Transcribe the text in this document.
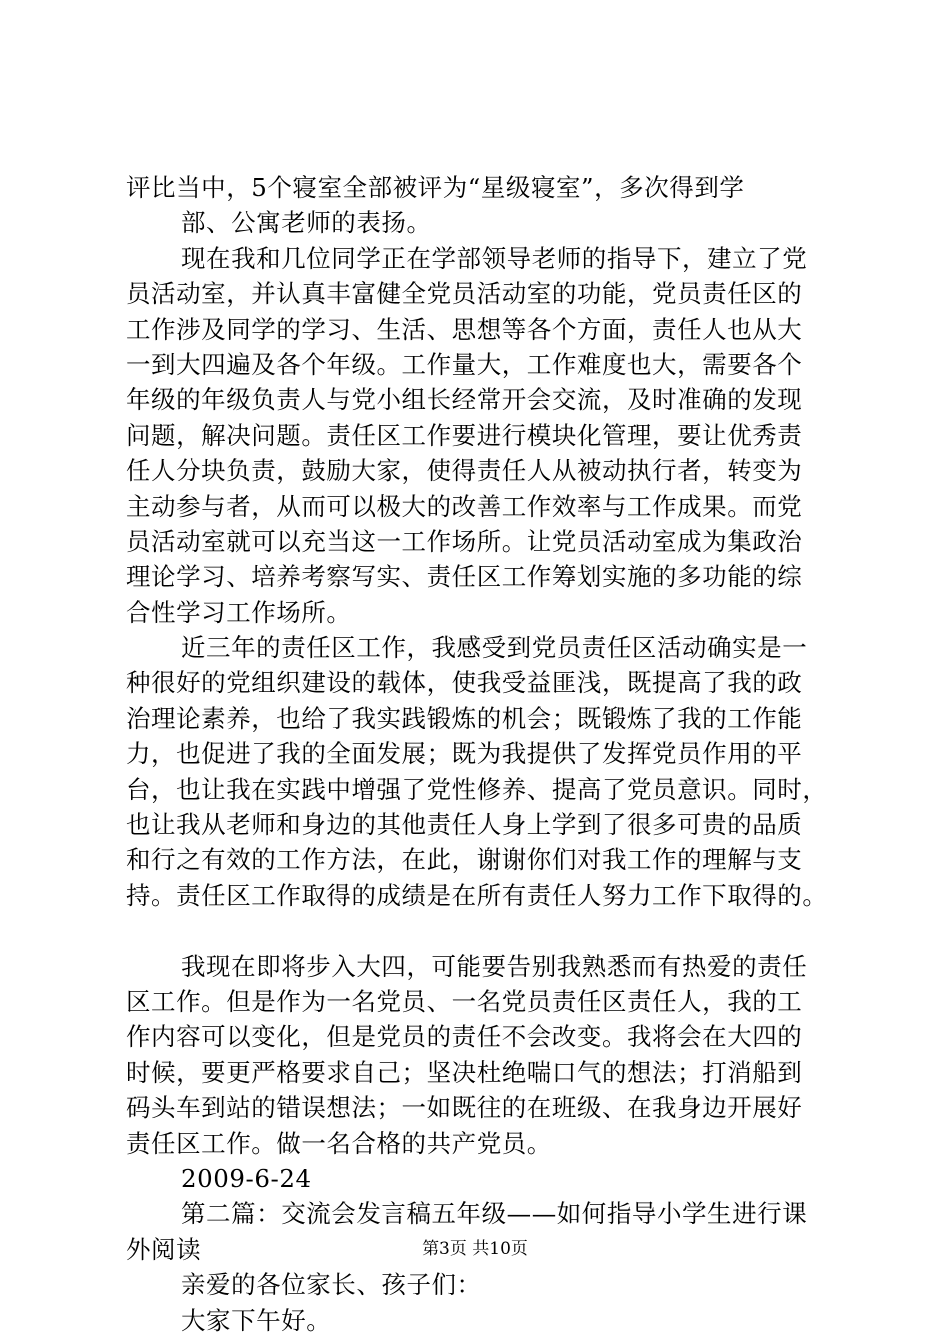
评比当中，5个寝室全部被评为“星级寝室”，多次得到学
部、公寓老师的表扬。
现在我和几位同学正在学部领导老师的指导下，建立了党
员活动室，并认真丰富健全党员活动室的功能，党员责任区的
工作涉及同学的学习、生活、思想等各个方面，责任人也从大
一到大四遍及各个年级。工作量大，工作难度也大，需要各个
年级的年级负责人与党小组长经常开会交流，及时准确的发现
问题，解决问题。责任区工作要进行模块化管理，要让优秀责
任人分块负责，鼓励大家，使得责任人从被动执行者，转变为
主动参与者，从而可以极大的改善工作效率与工作成果。而党
员活动室就可以充当这一工作场所。让党员活动室成为集政治
理论学习、培养考察写实、责任区工作筹划实施的多功能的综
合性学习工作场所。
近三年的责任区工作，我感受到党员责任区活动确实是一
种很好的党组织建设的载体，使我受益匪浅，既提高了我的政
治理论素养，也给了我实践锻炼的机会；既锻炼了我的工作能
力，也促进了我的全面发展；既为我提供了发挥党员作用的平
台，也让我在实践中增强了党性修养、提高了党员意识。同时，
也让我从老师和身边的其他责任人身上学到了很多可贵的品质
和行之有效的工作方法，在此，谢谢你们对我工作的理解与支
持。责任区工作取得的成绩是在所有责任人努力工作下取得的。
我现在即将步入大四，可能要告别我熟悉而有热爱的责任
区工作。但是作为一名党员、一名党员责任区责任人，我的工
作内容可以变化，但是党员的责任不会改变。我将会在大四的
时候，要更严格要求自己；坚决杜绝喘口气的想法；打消船到
码头车到站的错误想法；一如既往的在班级、在我身边开展好
责任区工作。做一名合格的共产党员。
2009-6-24
第二篇：交流会发言稿五年级——如何指导小学生进行课
外阅读
亲爱的各位家长、孩子们：
大家下午好。
第3页 共10页
